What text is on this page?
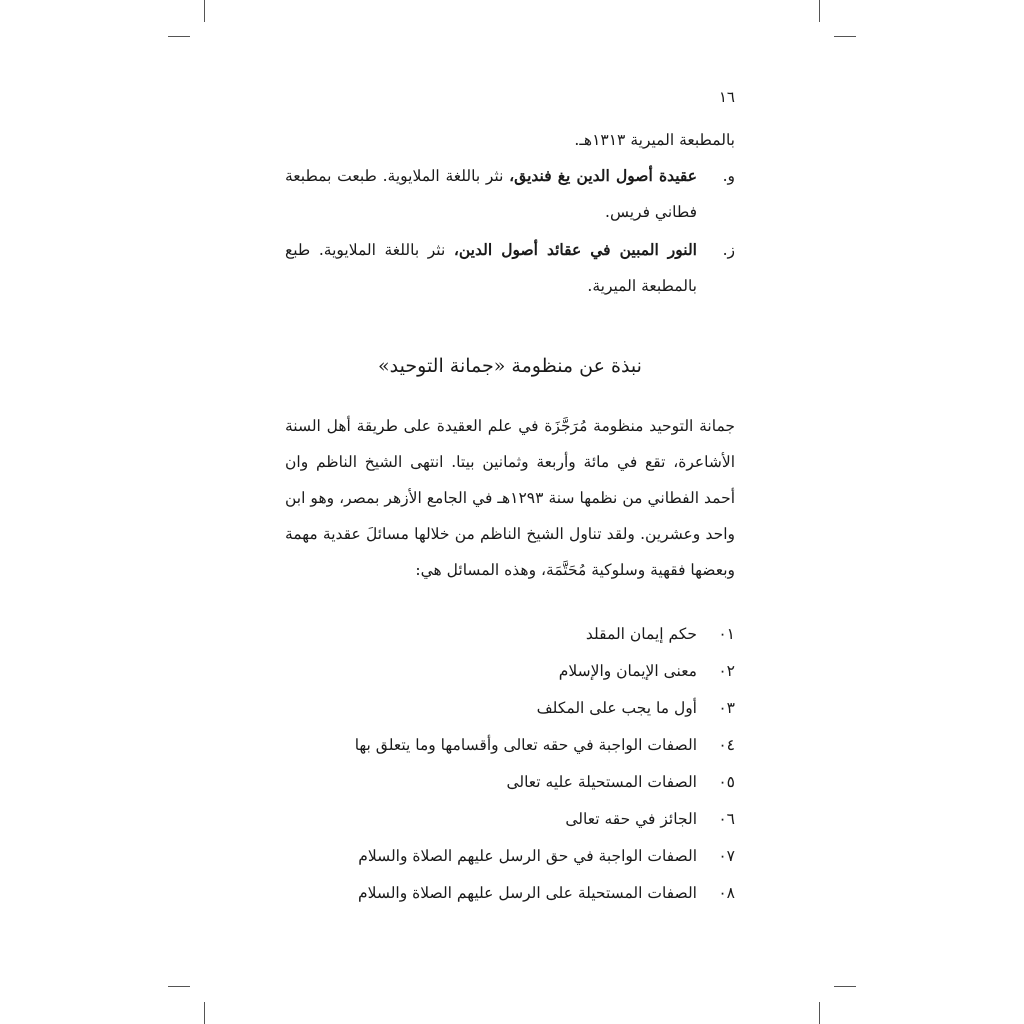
١٦
بالمطبعة الميرية ١٣١٣هـ.
و.
عقيدة أصول الدين يغ فنديق، نثر باللغة الملايوية. طبعت بمطبعة فطاني فريس.
ز.
النور المبين في عقائد أصول الدين، نثر باللغة الملايوية. طبع بالمطبعة الميرية.
نبذة عن منظومة «جمانة التوحيد»
جمانة التوحيد منظومة مُرَجَّزَة في علم العقيدة على طريقة أهل السنة الأشاعرة، تقع في مائة وأربعة وثمانين بيتا. انتهى الشيخ الناظم وان أحمد الفطاني من نظمها سنة ١٢٩٣هـ في الجامع الأزهر بمصر، وهو ابن واحد وعشرين. ولقد تناول الشيخ الناظم من خلالها مسائلَ عقدية مهمة وبعضها فقهية وسلوكية مُحَتَّمَة، وهذه المسائل هي:
٠١
حكم إيمان المقلد
٠٢
معنى الإيمان والإسلام
٠٣
أول ما يجب على المكلف
٠٤
الصفات الواجبة في حقه تعالى وأقسامها وما يتعلق بها
٠٥
الصفات المستحيلة عليه تعالى
٠٦
الجائز في حقه تعالى
٠٧
الصفات الواجبة في حق الرسل عليهم الصلاة والسلام
٠٨
الصفات المستحيلة على الرسل عليهم الصلاة والسلام
